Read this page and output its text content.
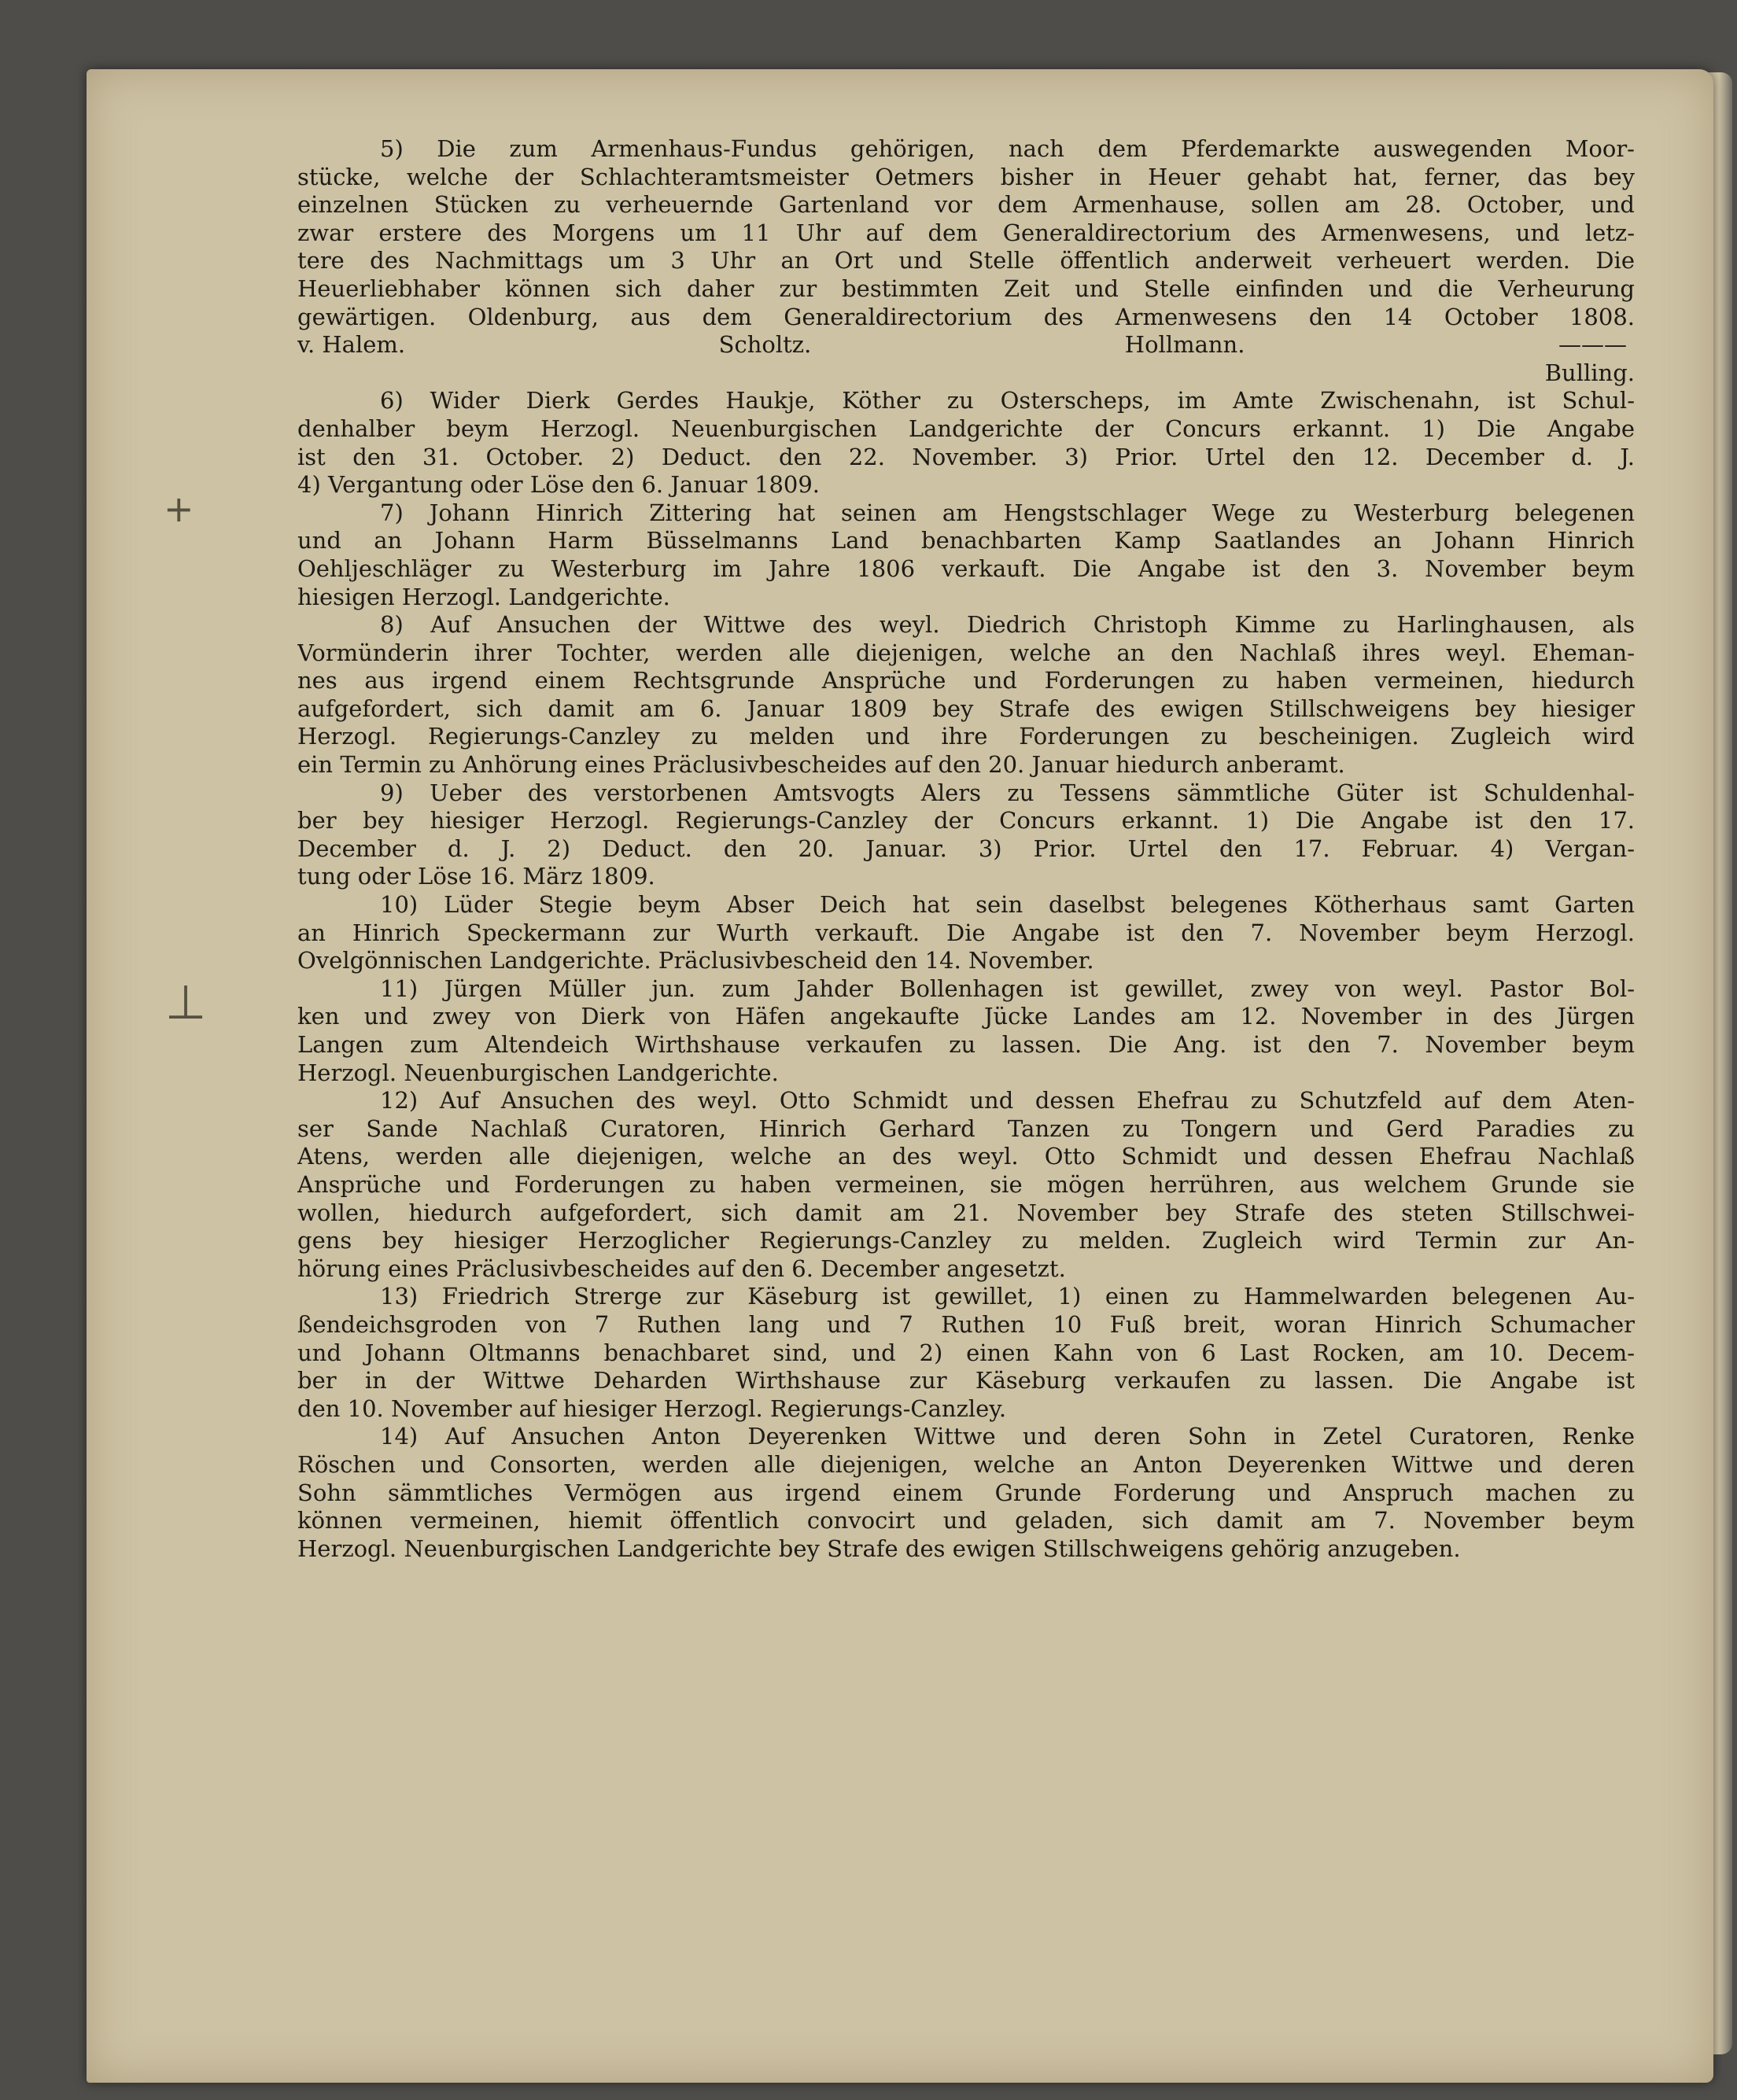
+
⊥
5) Die zum Armenhaus-Fundus gehörigen, nach dem Pferdemarkte auswegenden Moor-
stücke, welche der Schlachteramtsmeister Oetmers bisher in Heuer gehabt hat, ferner, das bey
einzelnen Stücken zu verheuernde Gartenland vor dem Armenhause, sollen am 28. October, und
zwar erstere des Morgens um 11 Uhr auf dem Generaldirectorium des Armenwesens, und letz-
tere des Nachmittags um 3 Uhr an Ort und Stelle öffentlich anderweit verheuert werden. Die
Heuerliebhaber können sich daher zur bestimmten Zeit und Stelle einfinden und die Verheurung
gewärtigen. Oldenburg, aus dem Generaldirectorium des Armenwesens den 14 October 1808.
v. Halem.	Scholtz.	Hollmann.	———
Bulling.
6) Wider Dierk Gerdes Haukje, Köther zu Osterscheps, im Amte Zwischenahn, ist Schul-
denhalber beym Herzogl. Neuenburgischen Landgerichte der Concurs erkannt. 1) Die Angabe
ist den 31. October. 2) Deduct. den 22. November. 3) Prior. Urtel den 12. December d. J.
4) Vergantung oder Löse den 6. Januar 1809.
7) Johann Hinrich Zittering hat seinen am Hengstschlager Wege zu Westerburg belegenen
und an Johann Harm Büsselmanns Land benachbarten Kamp Saatlandes an Johann Hinrich
Oehljeschläger zu Westerburg im Jahre 1806 verkauft. Die Angabe ist den 3. November beym
hiesigen Herzogl. Landgerichte.
8) Auf Ansuchen der Wittwe des weyl. Diedrich Christoph Kimme zu Harlinghausen, als
Vormünderin ihrer Tochter, werden alle diejenigen, welche an den Nachlaß ihres weyl. Eheman-
nes aus irgend einem Rechtsgrunde Ansprüche und Forderungen zu haben vermeinen, hiedurch
aufgefordert, sich damit am 6. Januar 1809 bey Strafe des ewigen Stillschweigens bey hiesiger
Herzogl. Regierungs-Canzley zu melden und ihre Forderungen zu bescheinigen. Zugleich wird
ein Termin zu Anhörung eines Präclusivbescheides auf den 20. Januar hiedurch anberamt.
9) Ueber des verstorbenen Amtsvogts Alers zu Tessens sämmtliche Güter ist Schuldenhal-
ber bey hiesiger Herzogl. Regierungs-Canzley der Concurs erkannt. 1) Die Angabe ist den 17.
December d. J. 2) Deduct. den 20. Januar. 3) Prior. Urtel den 17. Februar. 4) Vergan-
tung oder Löse 16. März 1809.
10) Lüder Stegie beym Abser Deich hat sein daselbst belegenes Kötherhaus samt Garten
an Hinrich Speckermann zur Wurth verkauft. Die Angabe ist den 7. November beym Herzogl.
Ovelgönnischen Landgerichte. Präclusivbescheid den 14. November.
11) Jürgen Müller jun. zum Jahder Bollenhagen ist gewillet, zwey von weyl. Pastor Bol-
ken und zwey von Dierk von Häfen angekaufte Jücke Landes am 12. November in des Jürgen
Langen zum Altendeich Wirthshause verkaufen zu lassen. Die Ang. ist den 7. November beym
Herzogl. Neuenburgischen Landgerichte.
12) Auf Ansuchen des weyl. Otto Schmidt und dessen Ehefrau zu Schutzfeld auf dem Aten-
ser Sande Nachlaß Curatoren, Hinrich Gerhard Tanzen zu Tongern und Gerd Paradies zu
Atens, werden alle diejenigen, welche an des weyl. Otto Schmidt und dessen Ehefrau Nachlaß
Ansprüche und Forderungen zu haben vermeinen, sie mögen herrühren, aus welchem Grunde sie
wollen, hiedurch aufgefordert, sich damit am 21. November bey Strafe des steten Stillschwei-
gens bey hiesiger Herzoglicher Regierungs-Canzley zu melden. Zugleich wird Termin zur An-
hörung eines Präclusivbescheides auf den 6. December angesetzt.
13) Friedrich Strerge zur Käseburg ist gewillet, 1) einen zu Hammelwarden belegenen Au-
ßendeichsgroden von 7 Ruthen lang und 7 Ruthen 10 Fuß breit, woran Hinrich Schumacher
und Johann Oltmanns benachbaret sind, und 2) einen Kahn von 6 Last Rocken, am 10. Decem-
ber in der Wittwe Deharden Wirthshause zur Käseburg verkaufen zu lassen. Die Angabe ist
den 10. November auf hiesiger Herzogl. Regierungs-Canzley.
14) Auf Ansuchen Anton Deyerenken Wittwe und deren Sohn in Zetel Curatoren, Renke
Röschen und Consorten, werden alle diejenigen, welche an Anton Deyerenken Wittwe und deren
Sohn sämmtliches Vermögen aus irgend einem Grunde Forderung und Anspruch machen zu
können vermeinen, hiemit öffentlich convocirt und geladen, sich damit am 7. November beym
Herzogl. Neuenburgischen Landgerichte bey Strafe des ewigen Stillschweigens gehörig anzugeben.
